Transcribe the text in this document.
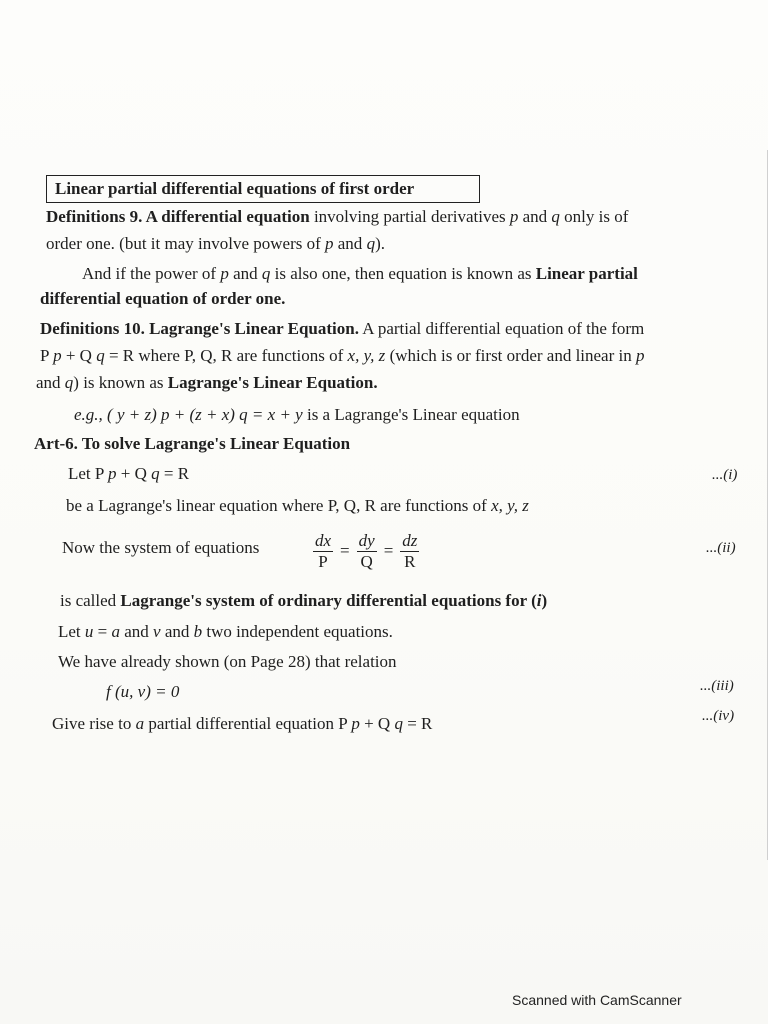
Linear partial differential equations of first order
Definitions 9. A differential equation involving partial derivatives p and q only is of
order one. (but it may involve powers of p and q).
And if the power of p and q is also one, then equation is known as Linear partial
differential equation of order one.
Definitions 10. Lagrange's Linear Equation. A partial differential equation of the form
P p + Q q = R where P, Q, R are functions of x, y, z (which is or first order and linear in p
and q) is known as Lagrange's Linear Equation.
e.g., ( y + z) p + (z + x) q = x + y is a Lagrange's Linear equation
Art-6. To solve Lagrange's Linear Equation
Let P p + Q q = R	...(i)
be a Lagrange's linear equation where P, Q, R are functions of x, y, z
Now the system of equations	$\frac{dx}{P} = \frac{dy}{Q} = \frac{dz}{R}$	...(ii)
is called Lagrange's system of ordinary differential equations for (i)
Let u = a and v and b two independent equations.
We have already shown (on Page 28) that relation
f (u, v) = 0	...(iii)
Give rise to a partial differential equation P p + Q q = R	...(iv)
Scanned with CamScanner
